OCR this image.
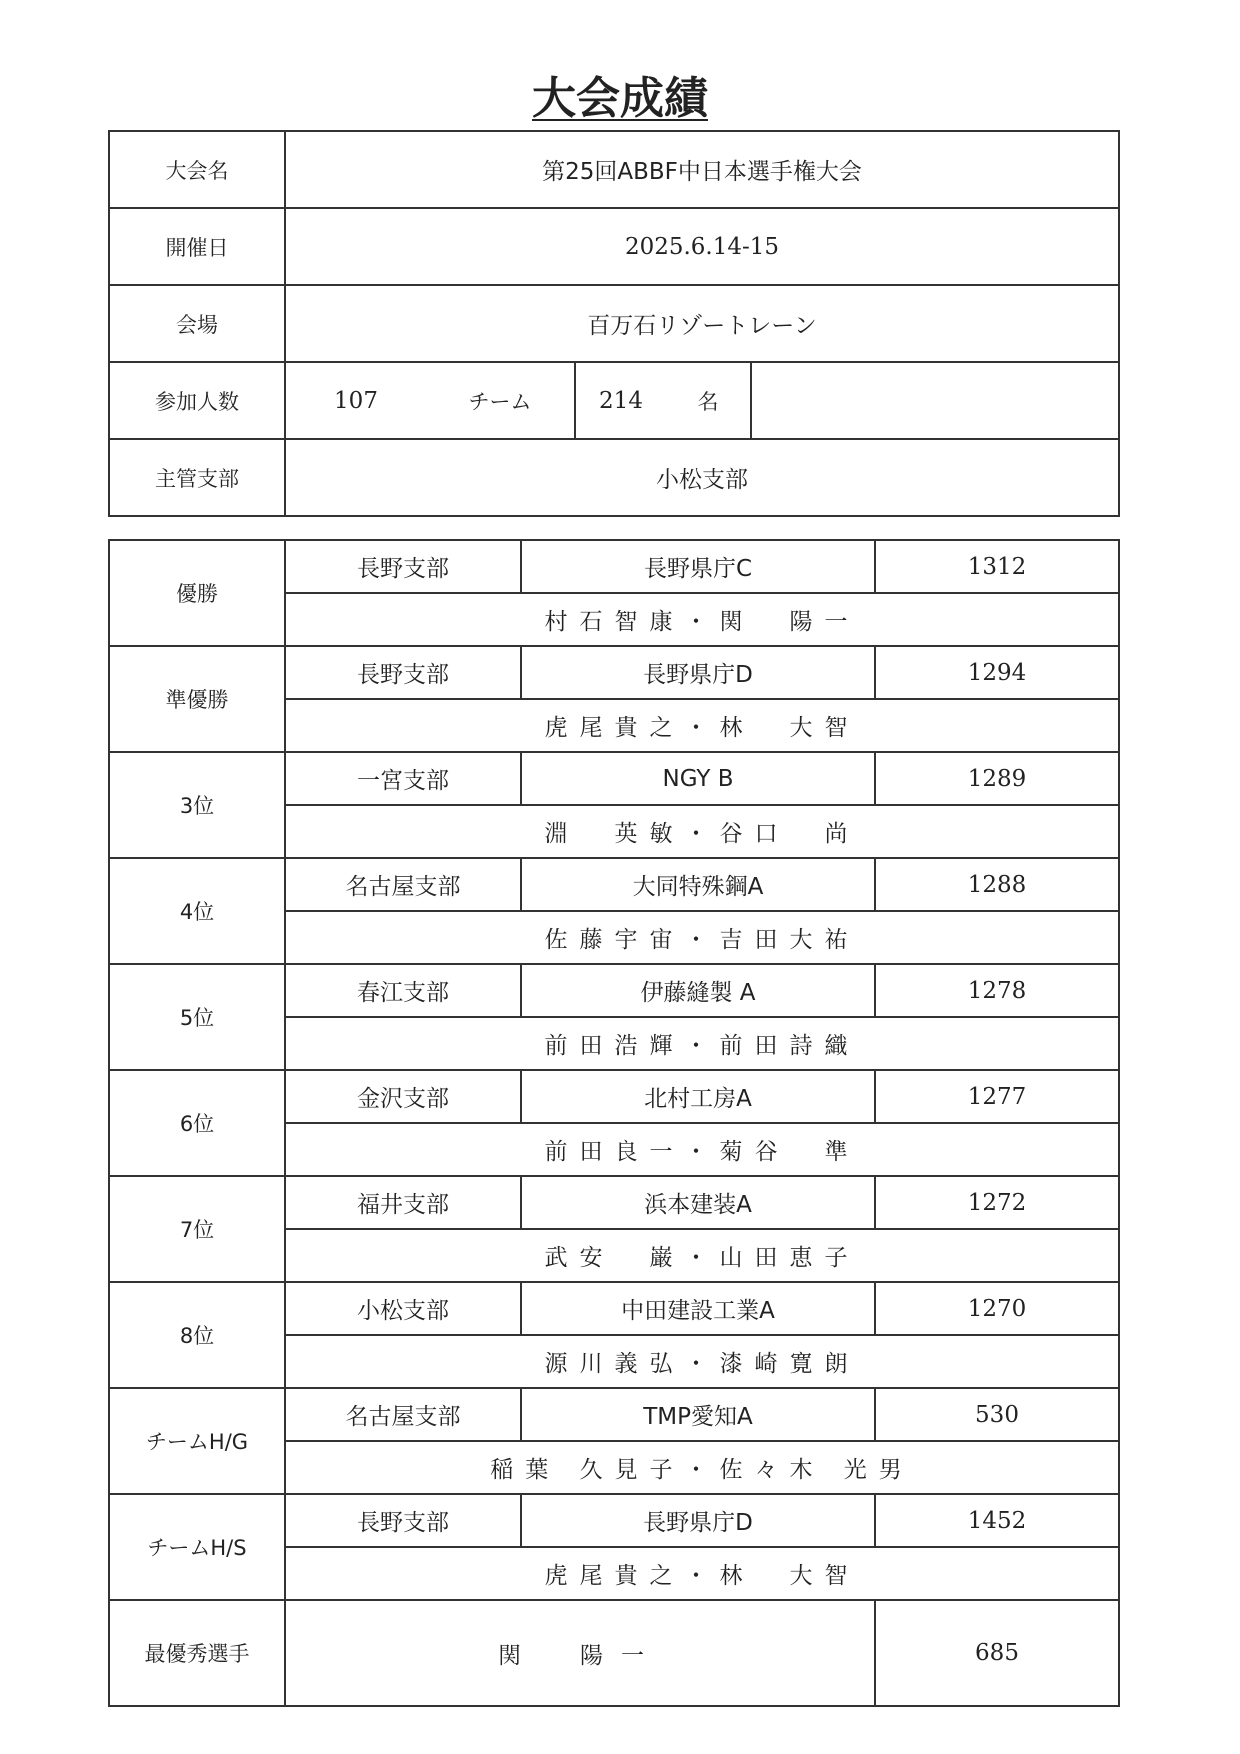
大会成績
大会名	第25回ABBF中日本選手権大会		
開催日	2025.6.14-15		
会場	百万石リゾートレーン		
参加人数	107 チーム	214 名	

主管支部	小松支部		
優勝	長野支部	長野県庁C	1312
	村石智康・関　陽一		
準優勝	長野支部	長野県庁D	1294
	虎尾貴之・林　大智		
3位	一宮支部	NGY B	1289
	淵　英敏・谷口　尚		
4位	名古屋支部	大同特殊鋼A	1288
	佐藤宇宙・吉田大祐		
5位	春江支部	伊藤縫製 A	1278
	前田浩輝・前田詩織		
6位	金沢支部	北村工房A	1277
	前田良一・菊谷　準		
7位	福井支部	浜本建装A	1272
	武安　巌・山田恵子		
8位	小松支部	中田建設工業A	1270
	源川義弘・漆崎寛朗		
チームH/G	名古屋支部	TMP愛知A	530
	稲葉 久見子・佐々木 光男		
チームH/S	長野支部	長野県庁D	1452
	虎尾貴之・林　大智		
最優秀選手	関　陽一		685
